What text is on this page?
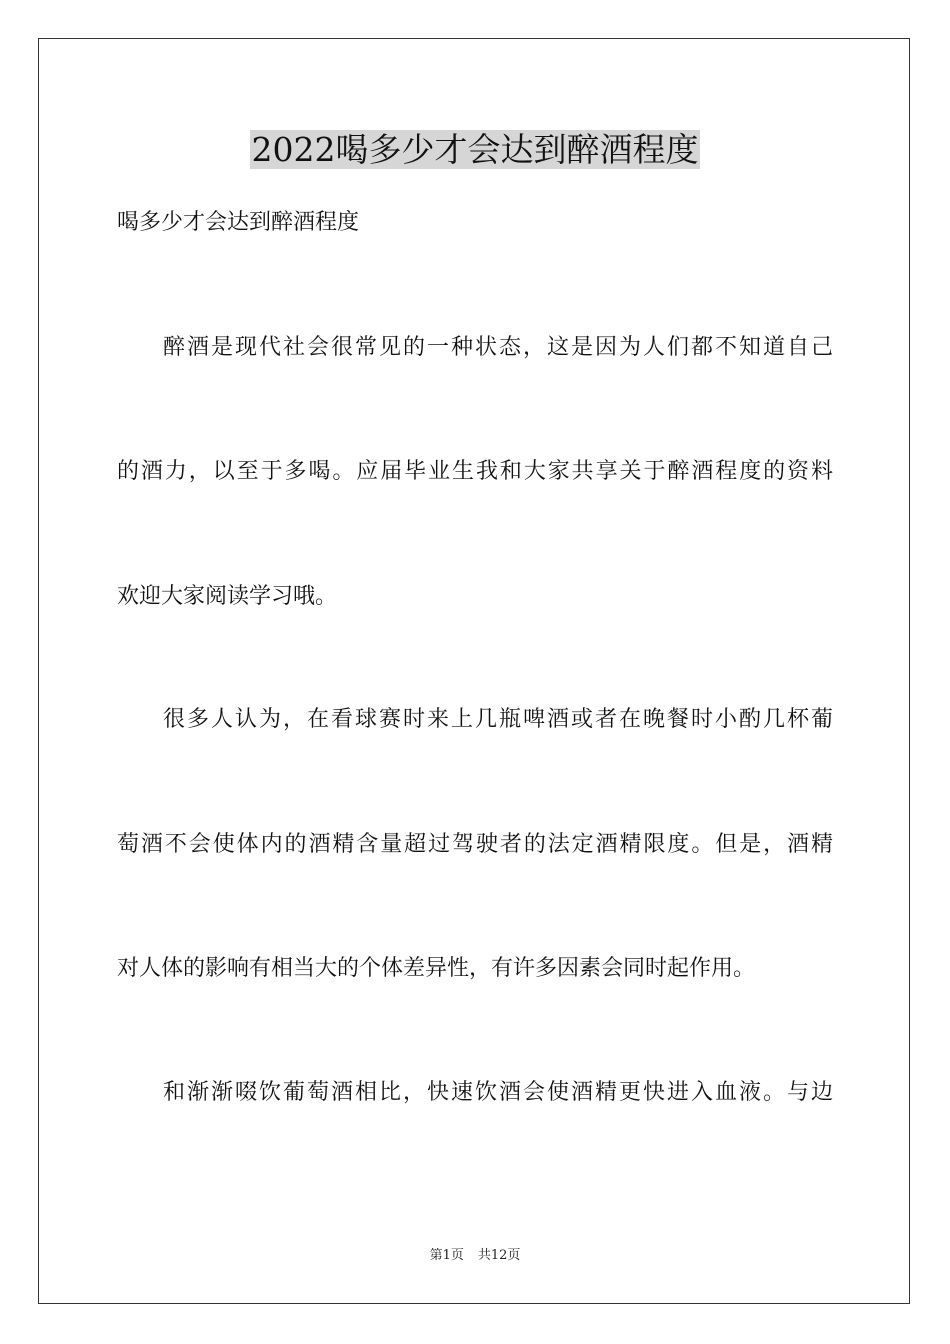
2022喝多少才会达到醉酒程度
喝多少才会达到醉酒程度
醉酒是现代社会很常见的一种状态，这是因为人们都不知道自己
的酒力，以至于多喝。应届毕业生我和大家共享关于醉酒程度的资料
欢迎大家阅读学习哦。
很多人认为，在看球赛时来上几瓶啤酒或者在晚餐时小酌几杯葡
萄酒不会使体内的酒精含量超过驾驶者的法定酒精限度。但是，酒精
对人体的影响有相当大的个体差异性，有许多因素会同时起作用。
和渐渐啜饮葡萄酒相比，快速饮酒会使酒精更快进入血液。与边
第1页 共12页
